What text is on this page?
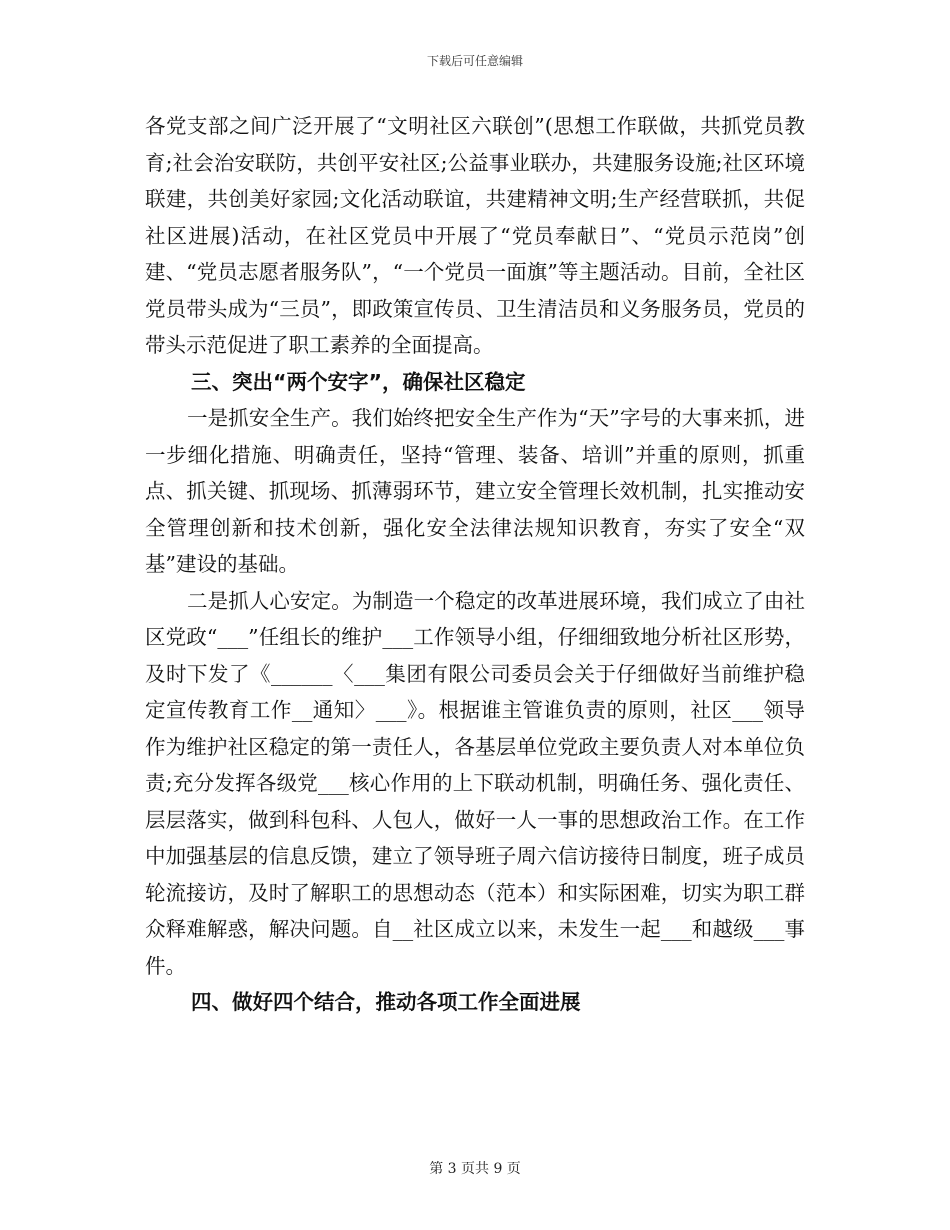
下载后可任意编辑

各党支部之间广泛开展了“文明社区六联创”(思想工作联做，共抓党员教育;社会治安联防，共创平安社区;公益事业联办，共建服务设施;社区环境联建，共创美好家园;文化活动联谊，共建精神文明;生产经营联抓，共促社区进展)活动，在社区党员中开展了“党员奉献日”、“党员示范岗”创建、“党员志愿者服务队”，“一个党员一面旗”等主题活动。目前，全社区党员带头成为“三员”，即政策宣传员、卫生清洁员和义务服务员，党员的带头示范促进了职工素养的全面提高。

三、突出“两个安字”，确保社区稳定

一是抓安全生产。我们始终把安全生产作为“天”字号的大事来抓，进一步细化措施、明确责任，坚持“管理、装备、培训”并重的原则，抓重点、抓关键、抓现场、抓薄弱环节，建立安全管理长效机制，扎实推动安全管理创新和技术创新，强化安全法律法规知识教育，夯实了安全“双基”建设的基础。

二是抓人心安定。为制造一个稳定的改革进展环境，我们成立了由社区党政“___”任组长的维护___工作领导小组，仔细细致地分析社区形势，及时下发了《______〈___集团有限公司委员会关于仔细做好当前维护稳定宣传教育工作__通知〉___》。根据谁主管谁负责的原则，社区___领导作为维护社区稳定的第一责任人，各基层单位党政主要负责人对本单位负责;充分发挥各级党___核心作用的上下联动机制，明确任务、强化责任、层层落实，做到科包科、人包人，做好一人一事的思想政治工作。在工作中加强基层的信息反馈，建立了领导班子周六信访接待日制度，班子成员轮流接访，及时了解职工的思想动态（范本）和实际困难，切实为职工群众释难解惑，解决问题。自__社区成立以来，未发生一起___和越级___事件。

四、做好四个结合，推动各项工作全面进展

第 3 页共 9 页
